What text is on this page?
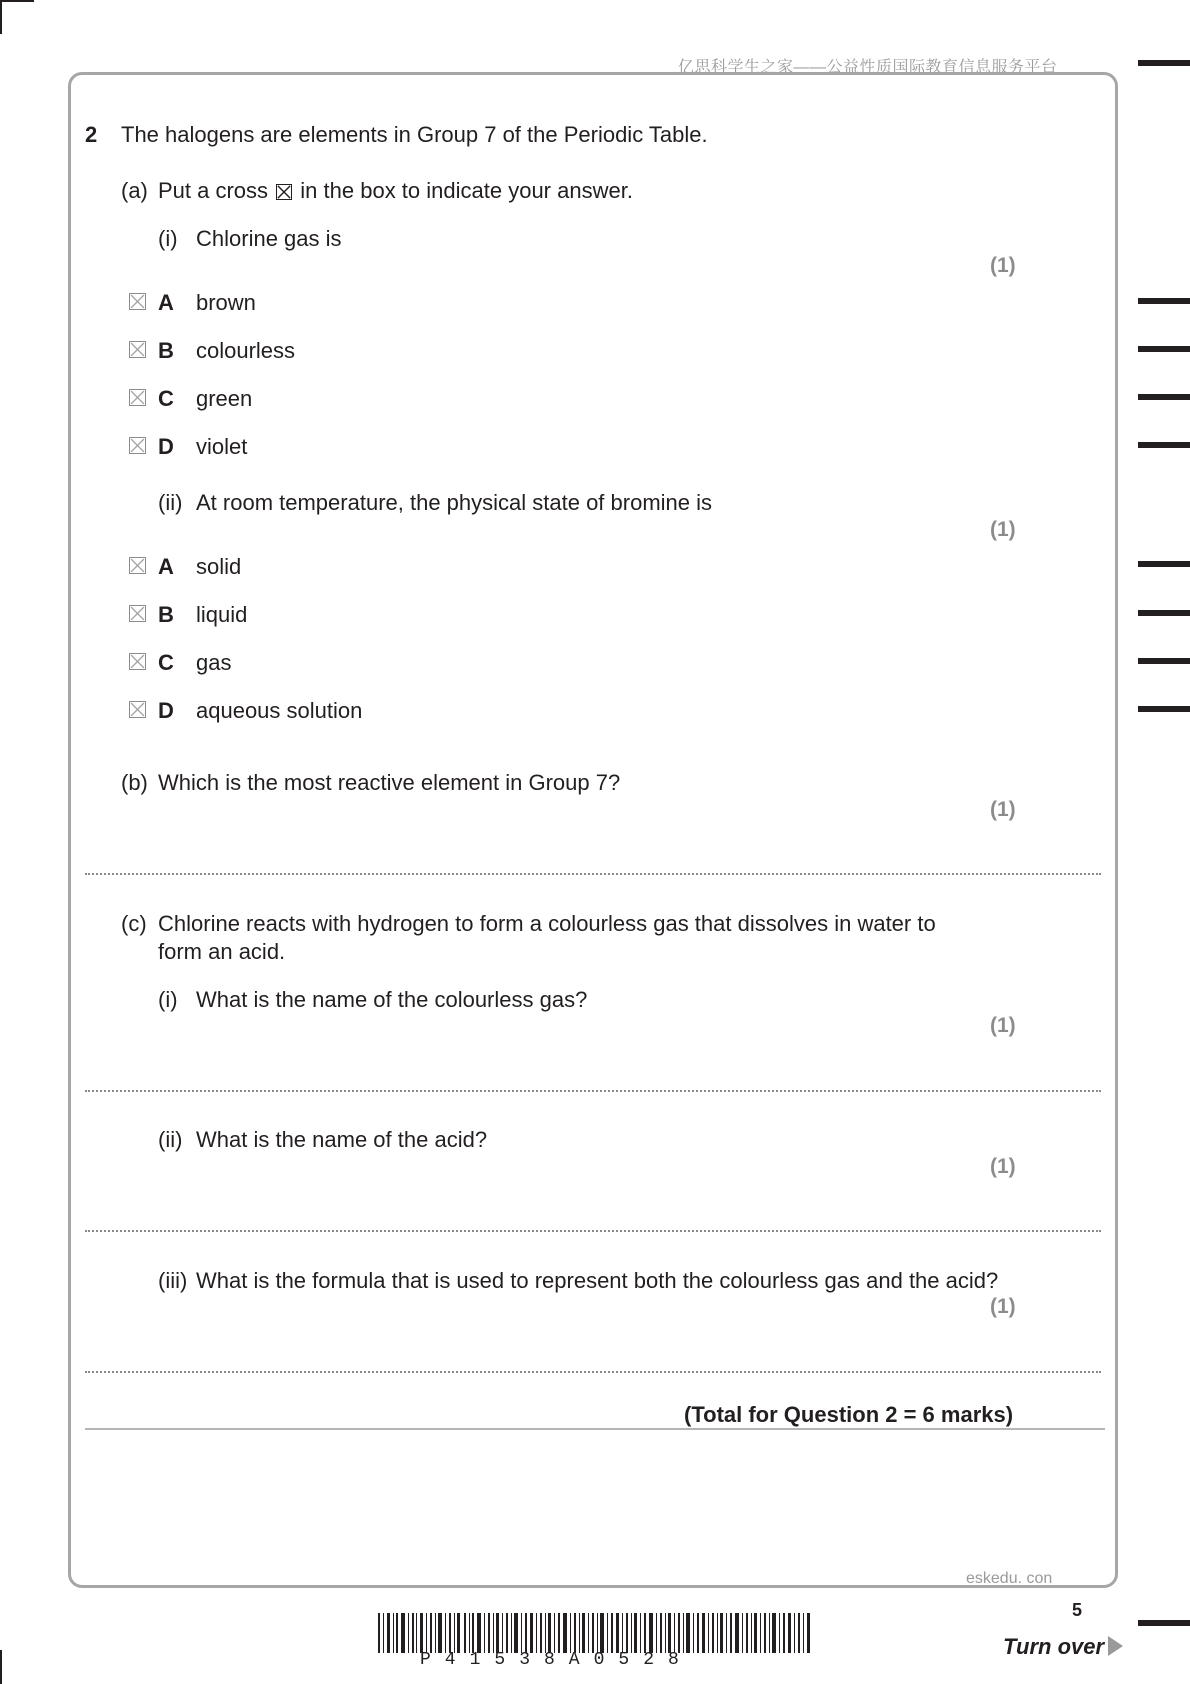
亿思科学生之家——公益性质国际教育信息服务平台
2 The halogens are elements in Group 7 of the Periodic Table.
(a) Put a cross ☒ in the box to indicate your answer.
(i) Chlorine gas is
(1)
A brown
B colourless
C green
D violet
(ii) At room temperature, the physical state of bromine is
(1)
A solid
B liquid
C gas
D aqueous solution
(b) Which is the most reactive element in Group 7?
(1)
(c) Chlorine reacts with hydrogen to form a colourless gas that dissolves in water to
form an acid.
(i) What is the name of the colourless gas?
(1)
(ii) What is the name of the acid?
(1)
(iii) What is the formula that is used to represent both the colourless gas and the acid?
(1)
(Total for Question 2 = 6 marks)
eskedu. con
5
P41538A0528
Turn over
